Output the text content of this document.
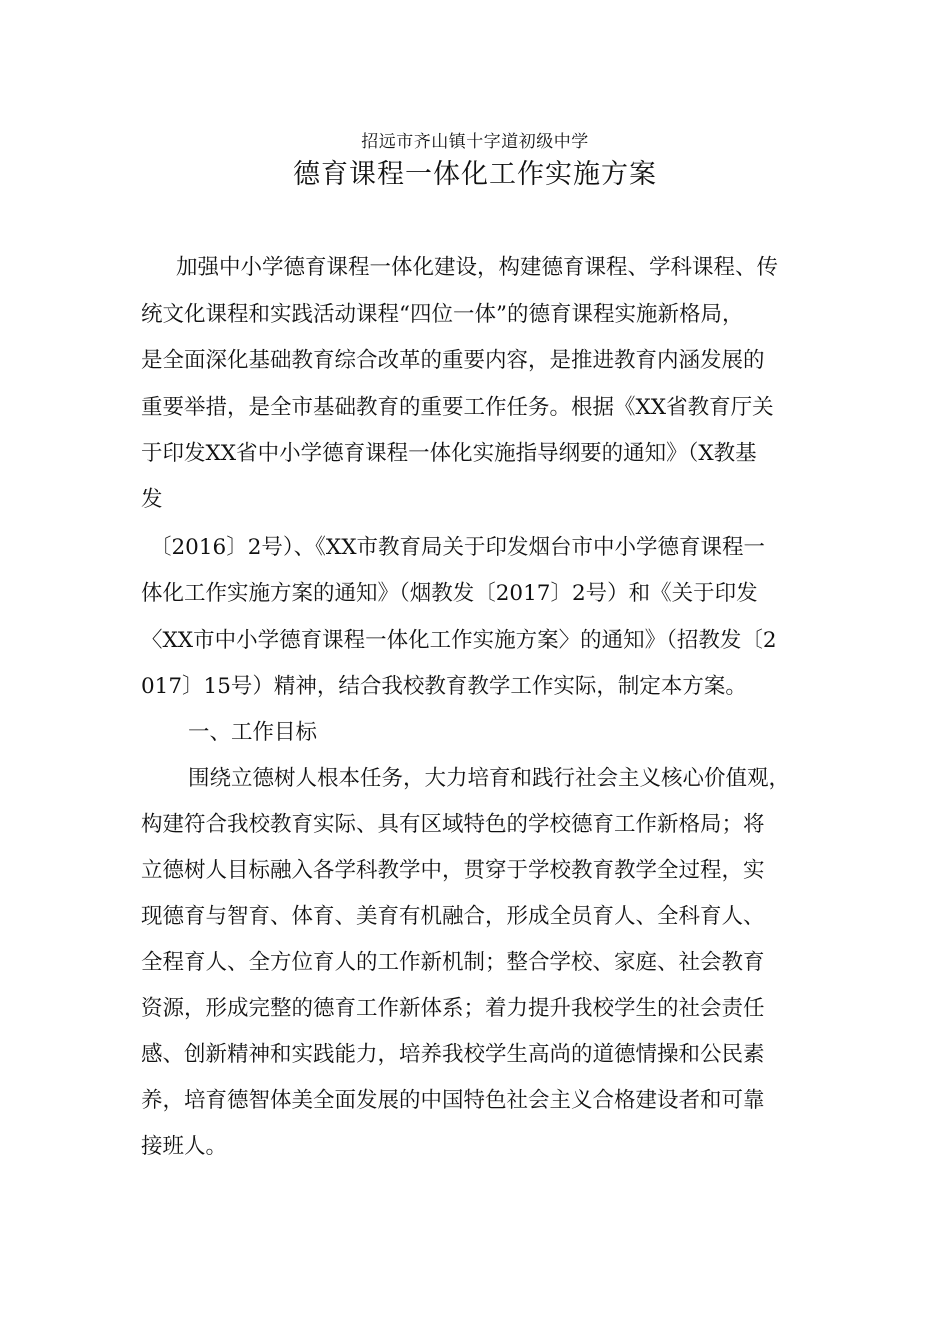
招远市齐山镇十字道初级中学
德育课程一体化工作实施方案
加强中小学德育课程一体化建设，构建德育课程、学科课程、传
统文化课程和实践活动课程“四位一体”的德育课程实施新格局，
是全面深化基础教育综合改革的重要内容，是推进教育内涵发展的
重要举措，是全市基础教育的重要工作任务。根据《XX省教育厅关
于印发XX省中小学德育课程一体化实施指导纲要的通知》（X教基
发
〔2016〕2号）、《XX市教育局关于印发烟台市中小学德育课程一
体化工作实施方案的通知》（烟教发〔2017〕2号）和《关于印发
〈XX市中小学德育课程一体化工作实施方案〉的通知》（招教发〔2
017〕15号）精神，结合我校教育教学工作实际，制定本方案。
一、工作目标
围绕立德树人根本任务，大力培育和践行社会主义核心价值观，
构建符合我校教育实际、具有区域特色的学校德育工作新格局；将
立德树人目标融入各学科教学中，贯穿于学校教育教学全过程，实
现德育与智育、体育、美育有机融合，形成全员育人、全科育人、
全程育人、全方位育人的工作新机制；整合学校、家庭、社会教育
资源，形成完整的德育工作新体系；着力提升我校学生的社会责任
感、创新精神和实践能力，培养我校学生高尚的道德情操和公民素
养，培育德智体美全面发展的中国特色社会主义合格建设者和可靠
接班人。
